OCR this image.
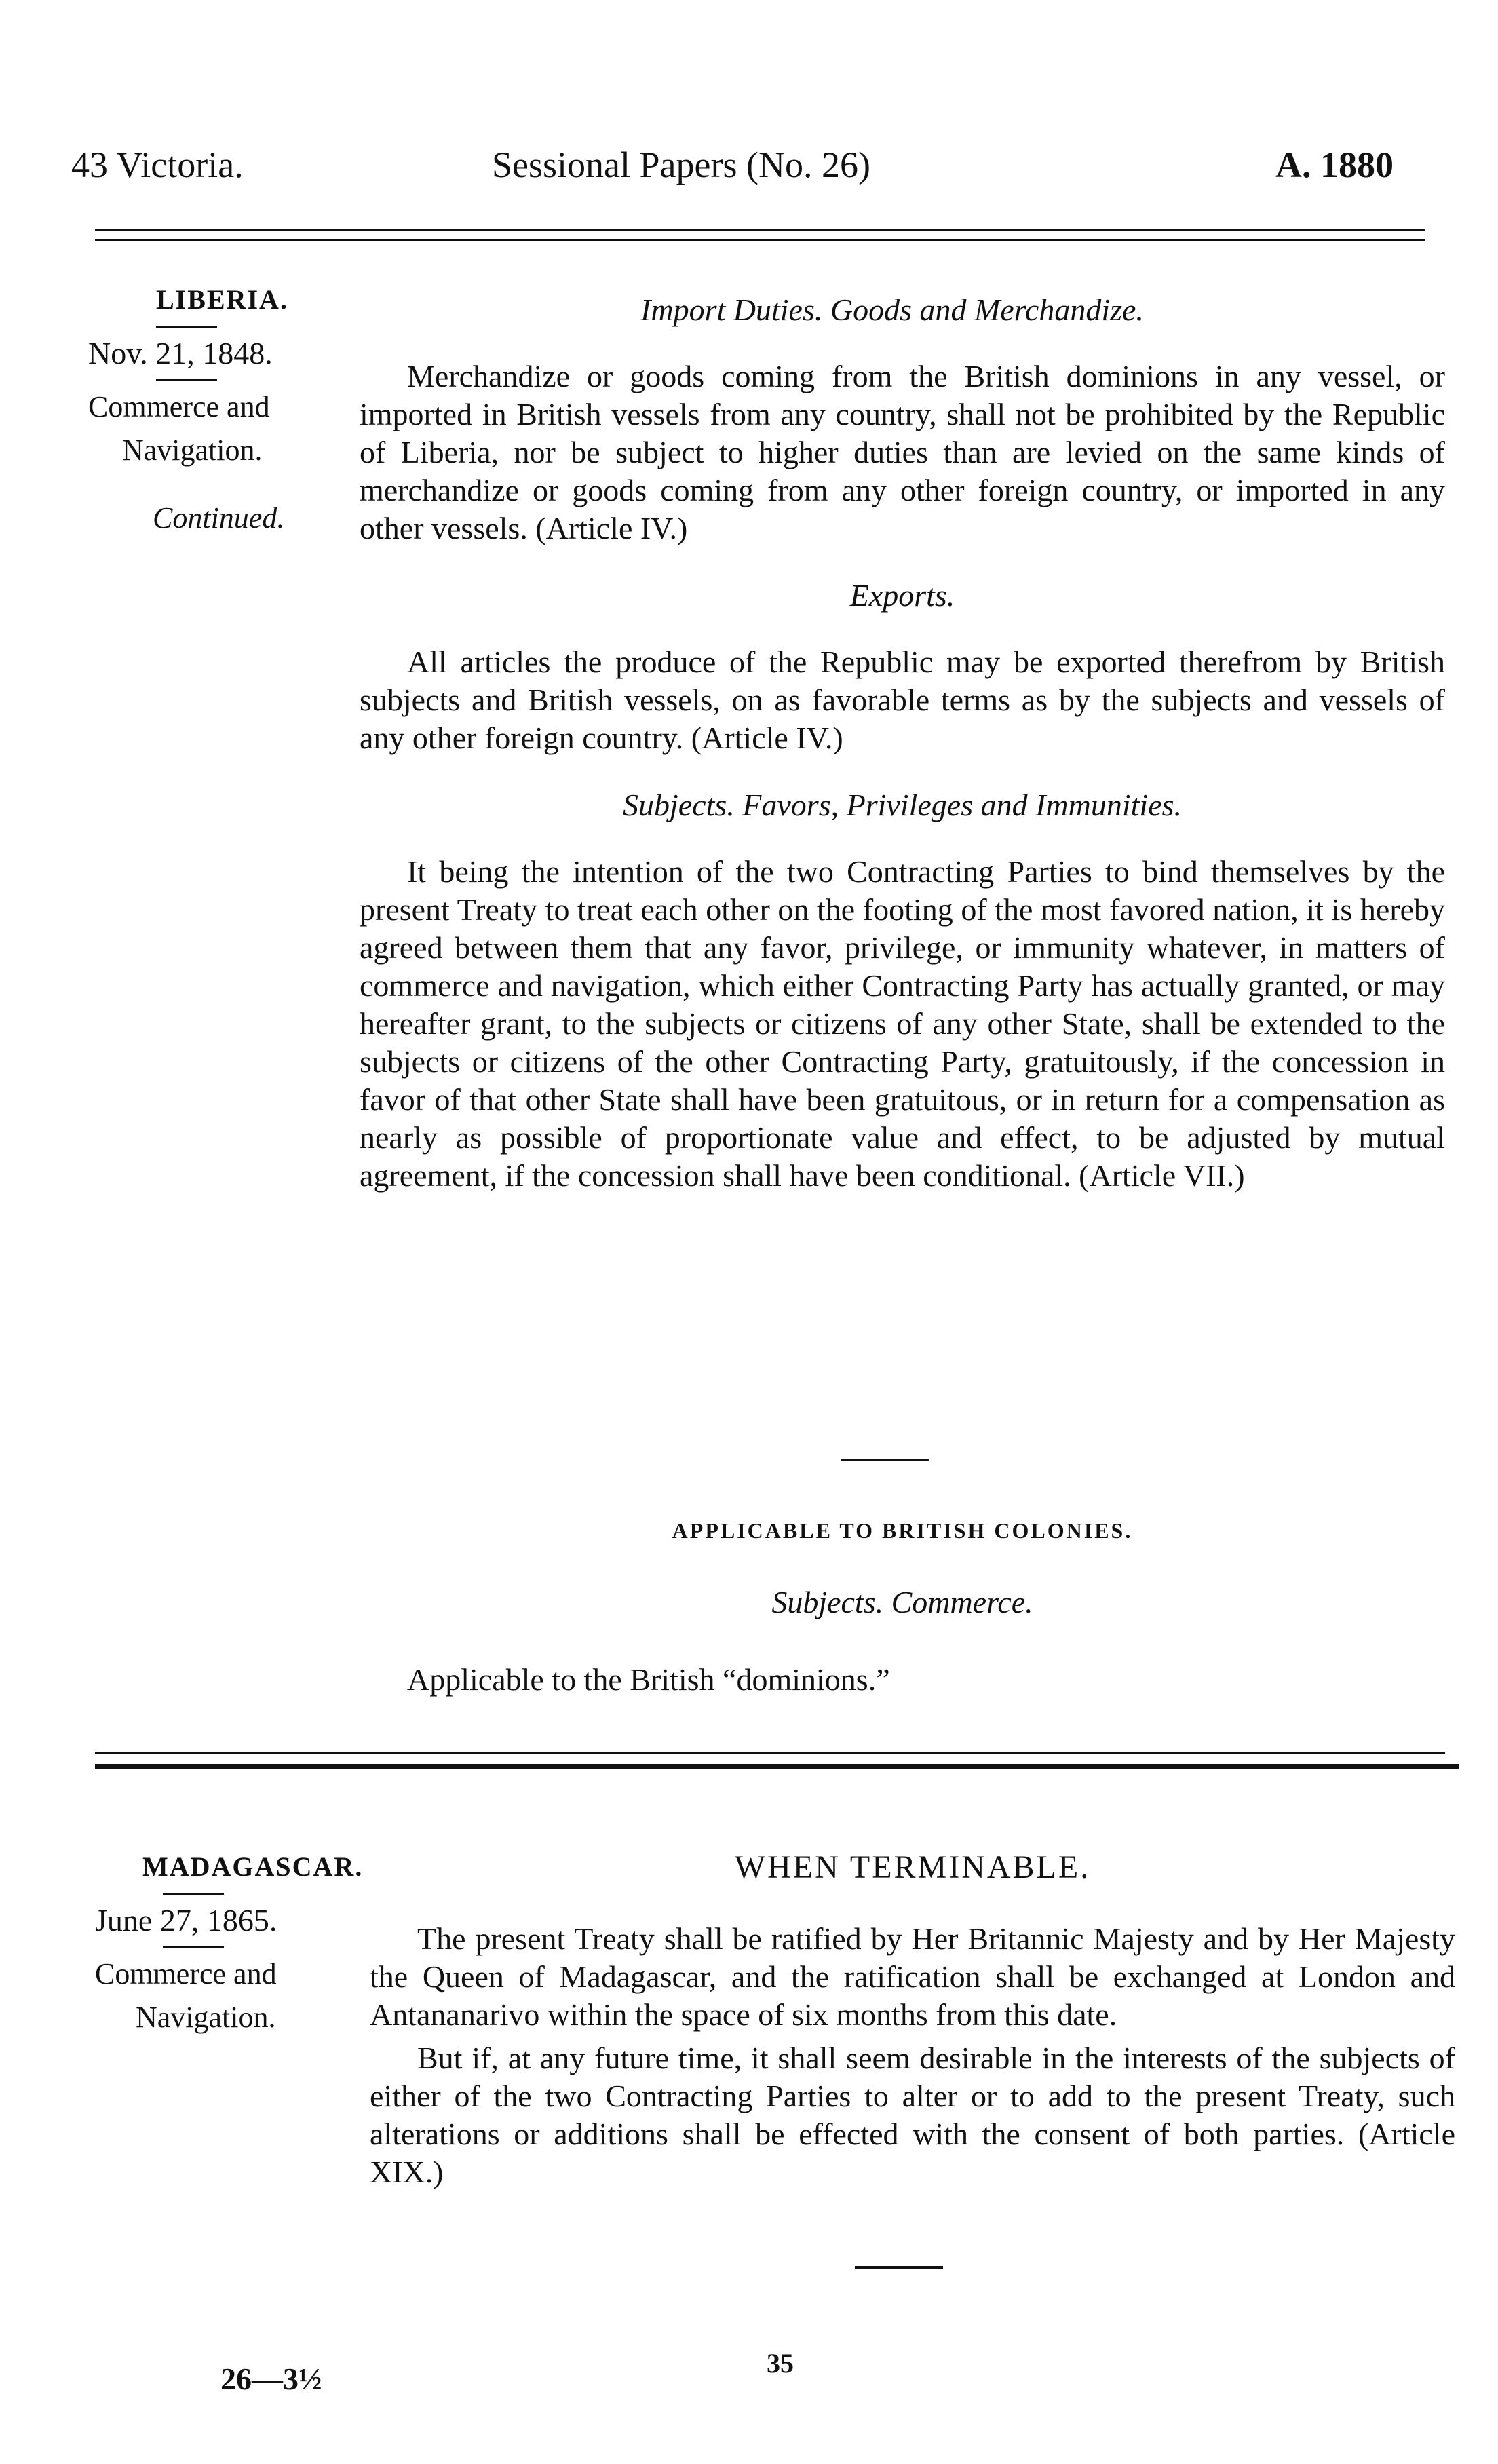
43 Victoria.	Sessional Papers (No. 26)	A. 1880
LIBERIA.
Nov. 21, 1848.
Commerce and
Navigation.
Continued.
Import Duties. Goods and Merchandize.

Merchandize or goods coming from the British dominions in any vessel, or imported in British vessels from any country, shall not be prohibited by the Republic of Liberia, nor be subject to higher duties than are levied on the same kinds of merchandize or goods coming from any other foreign country, or imported in any other vessels. (Article IV.)

Exports.

All articles the produce of the Republic may be exported therefrom by British subjects and British vessels, on as favorable terms as by the subjects and vessels of any other foreign country. (Article IV.)

Subjects. Favors, Privileges and Immunities.

It being the intention of the two Contracting Parties to bind themselves by the present Treaty to treat each other on the footing of the most favored nation, it is hereby agreed between them that any favor, privilege, or immunity whatever, in matters of commerce and navigation, which either Contracting Party has actually granted, or may hereafter grant, to the subjects or citizens of any other State, shall be extended to the subjects or citizens of the other Contracting Party, gratuitously, if the concession in favor of that other State shall have been gratuitous, or in return for a compensation as nearly as possible of proportionate value and effect, to be adjusted by mutual agreement, if the concession shall have been conditional. (Article VII.)

APPLICABLE TO BRITISH COLONIES.
Subjects. Commerce.

Applicable to the British “dominions.”

MADAGASCAR.
June 27, 1865.
Commerce and
Navigation.
WHEN TERMINABLE.

The present Treaty shall be ratified by Her Britannic Majesty and by Her Majesty the Queen of Madagascar, and the ratification shall be exchanged at London and Antananarivo within the space of six months from this date.

But if, at any future time, it shall seem desirable in the interests of the subjects of either of the two Contracting Parties to alter or to add to the present Treaty, such alterations or additions shall be effected with the consent of both parties. (Article XIX.)

26—3½	35
